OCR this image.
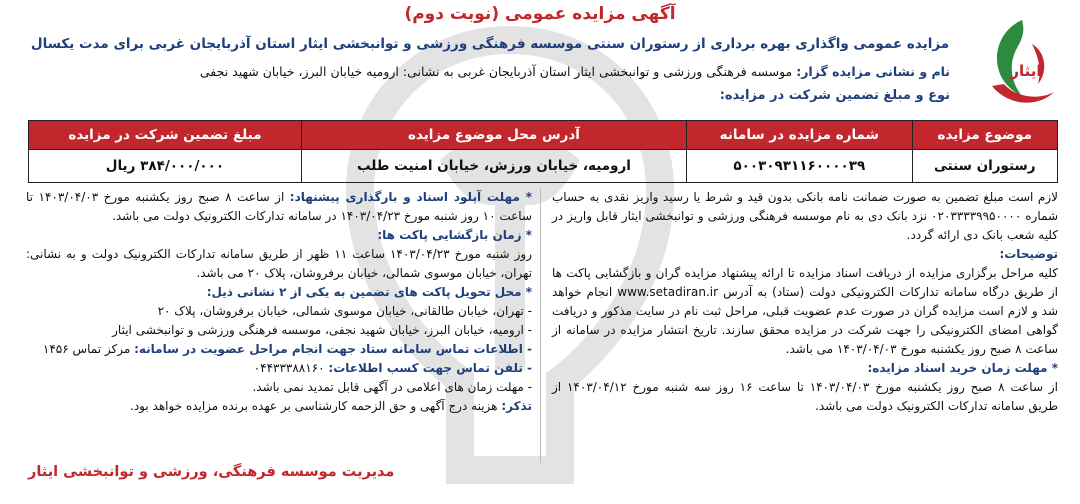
ایثار
آگهی مزایده عمومی (نوبت دوم)
مزایده عمومی واگذاری بهره برداری از رستوران سنتی موسسه فرهنگی ورزشی و توانبخشی ایثار استان آذربایجان غربی برای مدت یکسال
نام و نشانی مزایده گزار: موسسه فرهنگی ورزشی و توانبخشی ایثار استان آذربایجان غربی به نشانی: ارومیه خیابان البرز، خیابان شهید نجفی
نوع و مبلغ تضمین شرکت در مزایده:
موضوع مزایده	شماره مزایده در سامانه	آدرس محل موضوع مزایده	مبلغ تضمین شرکت در مزایده
رستوران سنتی	۵۰۰۳۰۹۳۱۱۶۰۰۰۰۳۹	ارومیه، خیابان ورزش، خیابان امنیت طلب	۳۸۴/۰۰۰/۰۰۰ ریال

لازم است مبلغ تضمین به صورت ضمانت نامه بانکی بدون قید و شرط یا رسید واریز نقدی به حساب شماره ۰۲۰۳۳۳۳۹۹۵۰۰۰۰ نزد بانک دی به نام موسسه فرهنگی ورزشی و توانبخشی ایثار قابل واریز در کلیه شعب بانک دی ارائه گردد.

توضیحات:

کلیه مراحل برگزاری مزایده از دریافت اسناد مزایده تا ارائه پیشنهاد مزایده گران و بازگشایی پاکت ها از طریق درگاه سامانه تدارکات الکترونیکی دولت (ستاد) به آدرس www.setadiran.ir انجام خواهد شد و لازم است مزایده گران در صورت عدم عضویت قبلی، مراحل ثبت نام در سایت مذکور و دریافت گواهی امضای الکترونیکی را جهت شرکت در مزایده محقق سازند. تاریخ انتشار مزایده در سامانه از ساعت ۸ صبح روز یکشنبه مورخ ۱۴۰۳/۰۴/۰۳ می باشد.

* مهلت زمان خرید اسناد مزایده:

از ساعت ۸ صبح روز یکشنبه مورخ ۱۴۰۳/۰۴/۰۳ تا ساعت ۱۶ روز سه شنبه مورخ ۱۴۰۳/۰۴/۱۲ از طریق سامانه تدارکات الکترونیک دولت می باشد.

* مهلت آپلود اسناد و بارگذاری پیشنهاد: از ساعت ۸ صبح روز یکشنبه مورخ ۱۴۰۳/۰۴/۰۳ تا ساعت ۱۰ روز شنبه مورخ ۱۴۰۳/۰۴/۲۳ در سامانه تدارکات الکترونیک دولت می باشد.

* زمان بازگشایی پاکت ها:

روز شنبه مورخ ۱۴۰۳/۰۴/۲۳ ساعت ۱۱ ظهر از طریق سامانه تدارکات الکترونیک دولت و به نشانی: تهران، خیابان موسوی شمالی، خیابان برفروشان، پلاک ۲۰ می باشد.

* محل تحویل پاکت های تضمین به یکی از ۲ نشانی ذیل:

- تهران، خیابان طالقانی، خیابان موسوی شمالی، خیابان برفروشان، پلاک ۲۰

- ارومیه، خیابان البرز، خیابان شهید نجفی، موسسه فرهنگی ورزشی و توانبخشی ایثار

- اطلاعات تماس سامانه ستاد جهت انجام مراحل عضویت در سامانه: مرکز تماس ۱۴۵۶

- تلفن تماس جهت کسب اطلاعات: ۰۴۴۳۳۳۸۸۱۶۰

- مهلت زمان های اعلامی در آگهی قابل تمدید نمی باشد.

تذکر: هزینه درج آگهی و حق الزحمه کارشناسی بر عهده برنده مزایده خواهد بود.

مدیریت موسسه فرهنگی، ورزشی و توانبخشی ایثار
